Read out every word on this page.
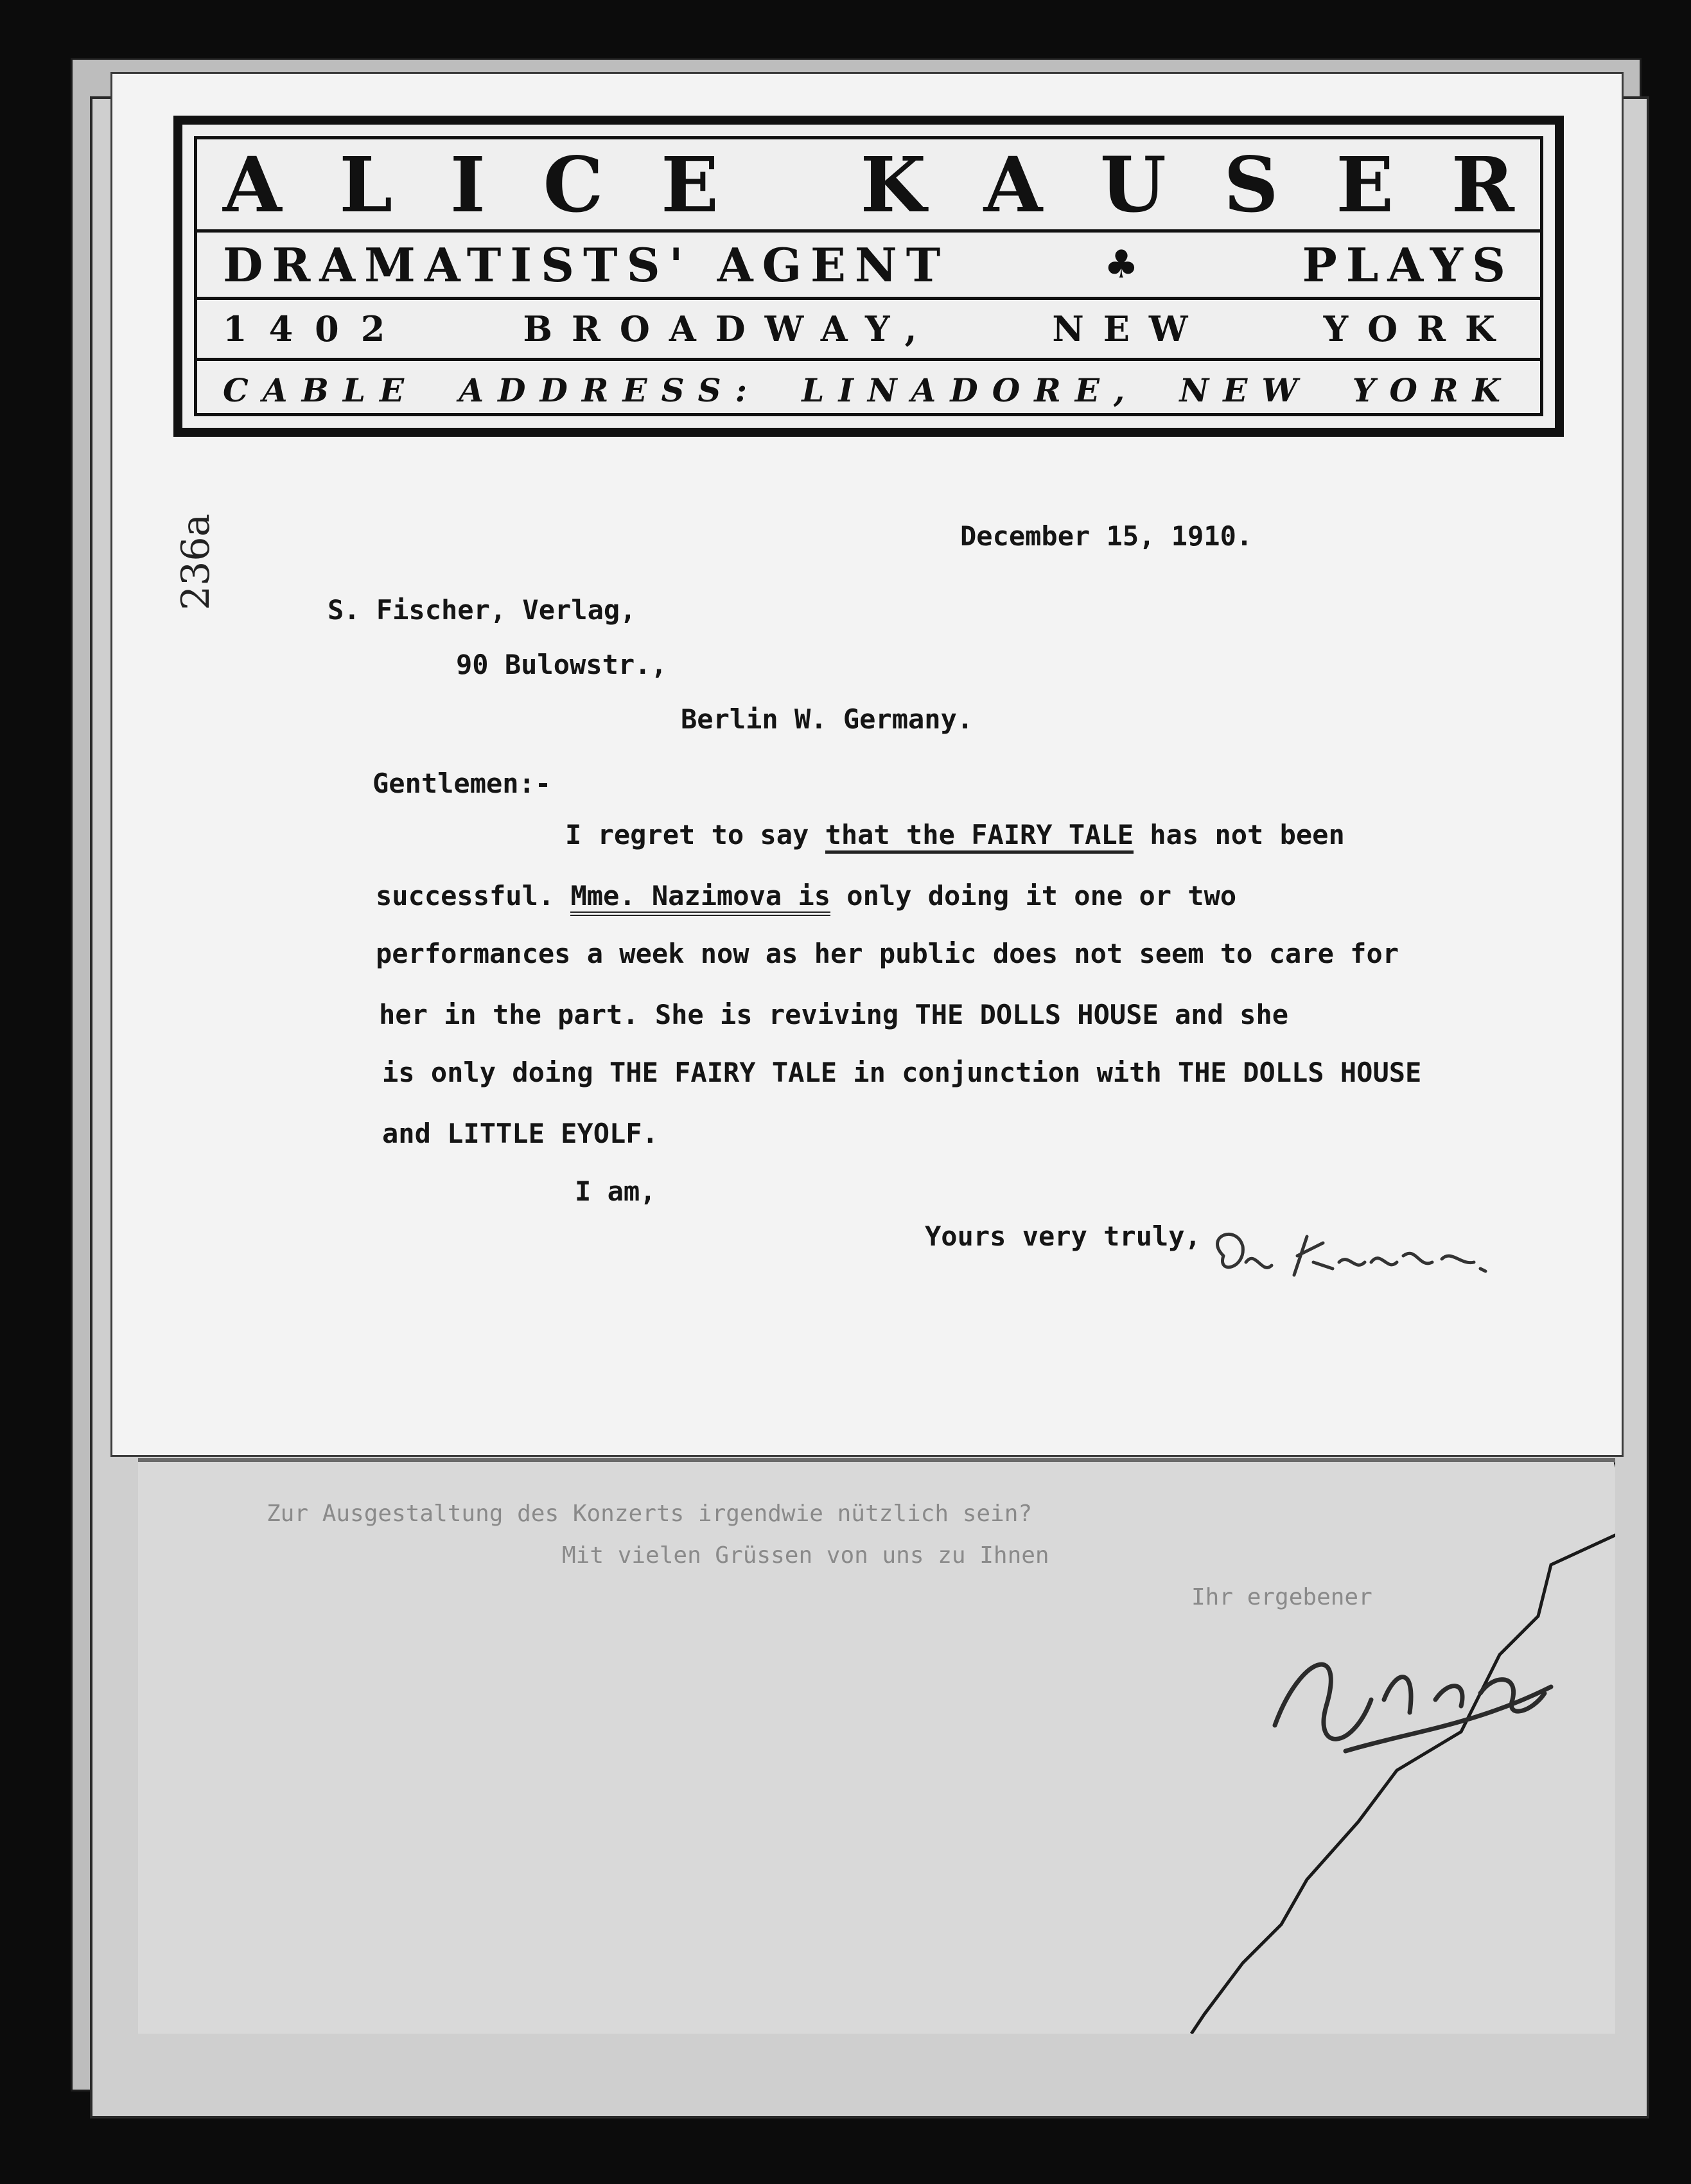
Zur Ausgestaltung des Konzerts irgendwie nützlich sein?
Mit vielen Grüssen von uns zu Ihnen
Ihr ergebener
A L I C E
K A U S E R
DRAMATISTS' AGENT	♣	PLAYS
1402	BROADWAY,	NEW	YORK
CABLE ADDRESS: LINADORE, NEW YORK
December 15, 1910.
S. Fischer, Verlag,
90 Bulowstr.,
Berlin W. Germany.
Gentlemen:-
I regret to say that the FAIRY TALE has not been
successful. Mme. Nazimova is only doing it one or two
performances a week now as her public does not seem to care for
her in the part. She is reviving THE DOLLS HOUSE and she
is only doing THE FAIRY TALE in conjunction with THE DOLLS HOUSE
and LITTLE EYOLF.
I am,
Yours very truly,
236a
